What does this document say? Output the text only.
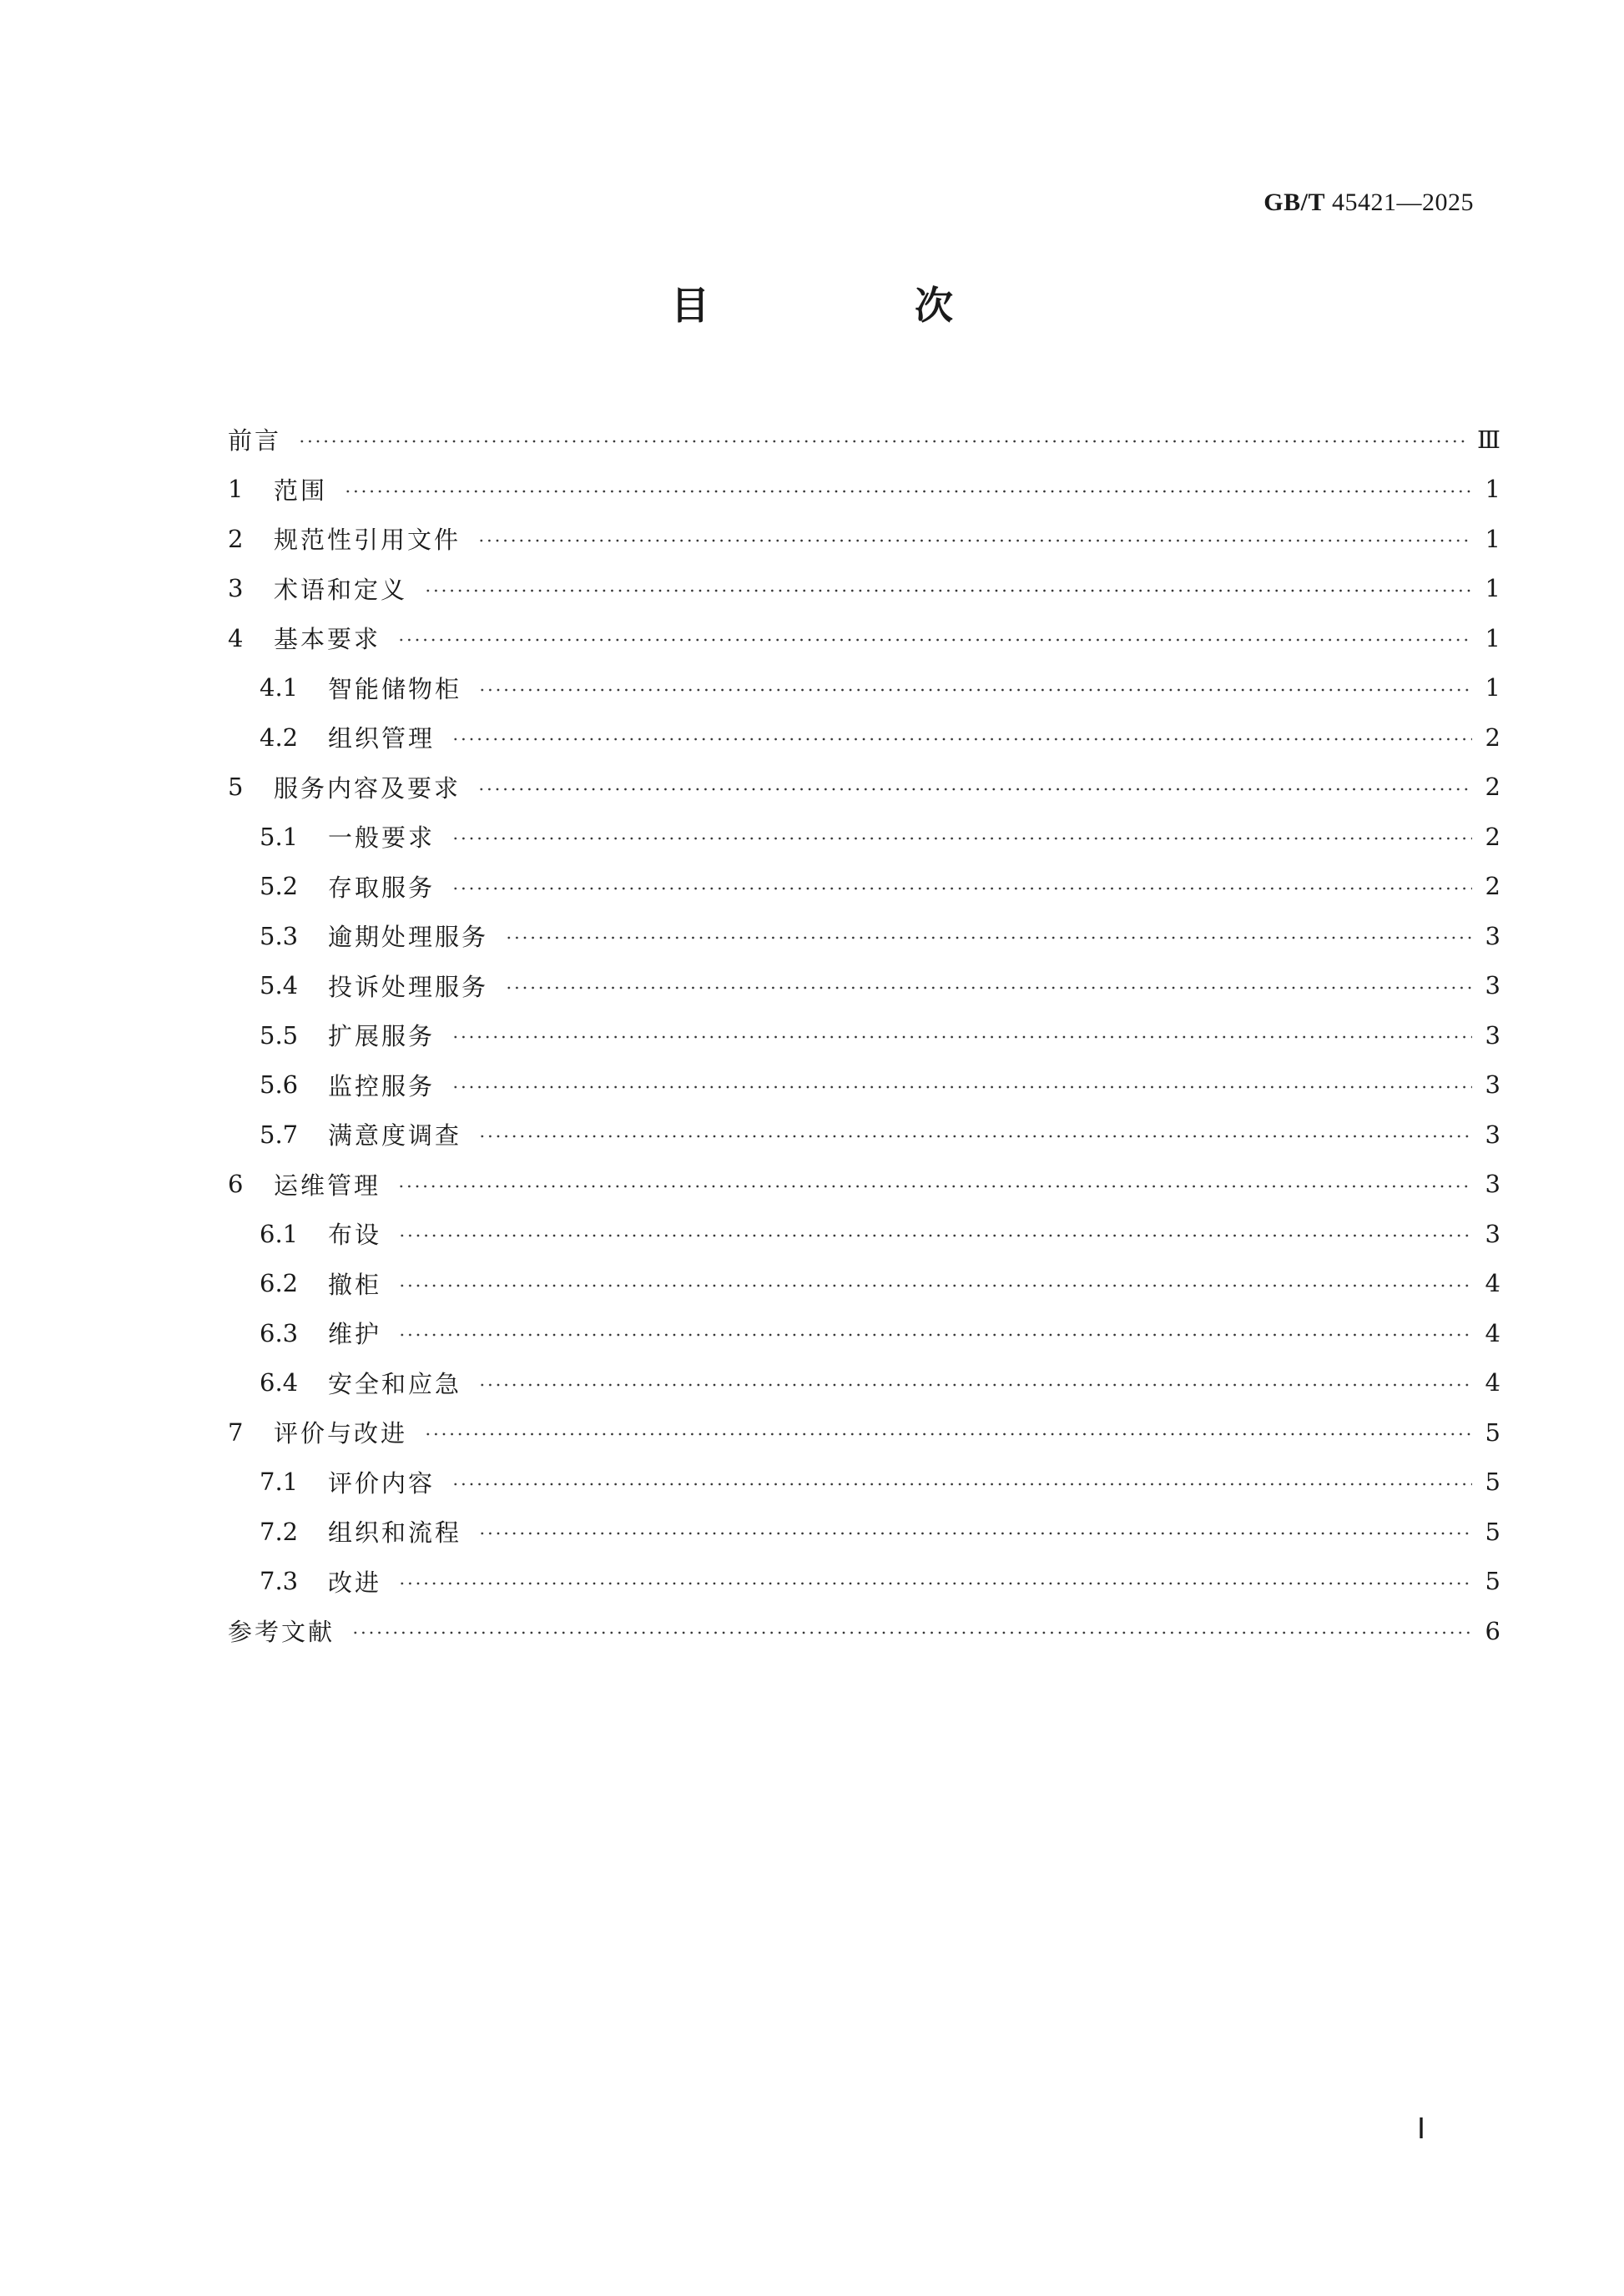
GB/T 45421—2025
目　次
前言	Ⅲ
1	范围	1
2	规范性引用文件	1
3	术语和定义	1
4	基本要求	1
4.1	智能储物柜	1
4.2	组织管理	2
5	服务内容及要求	2
5.1	一般要求	2
5.2	存取服务	2
5.3	逾期处理服务	3
5.4	投诉处理服务	3
5.5	扩展服务	3
5.6	监控服务	3
5.7	满意度调查	3
6	运维管理	3
6.1	布设	3
6.2	撤柜	4
6.3	维护	4
6.4	安全和应急	4
7	评价与改进	5
7.1	评价内容	5
7.2	组织和流程	5
7.3	改进	5
参考文献	6
Ⅰ
